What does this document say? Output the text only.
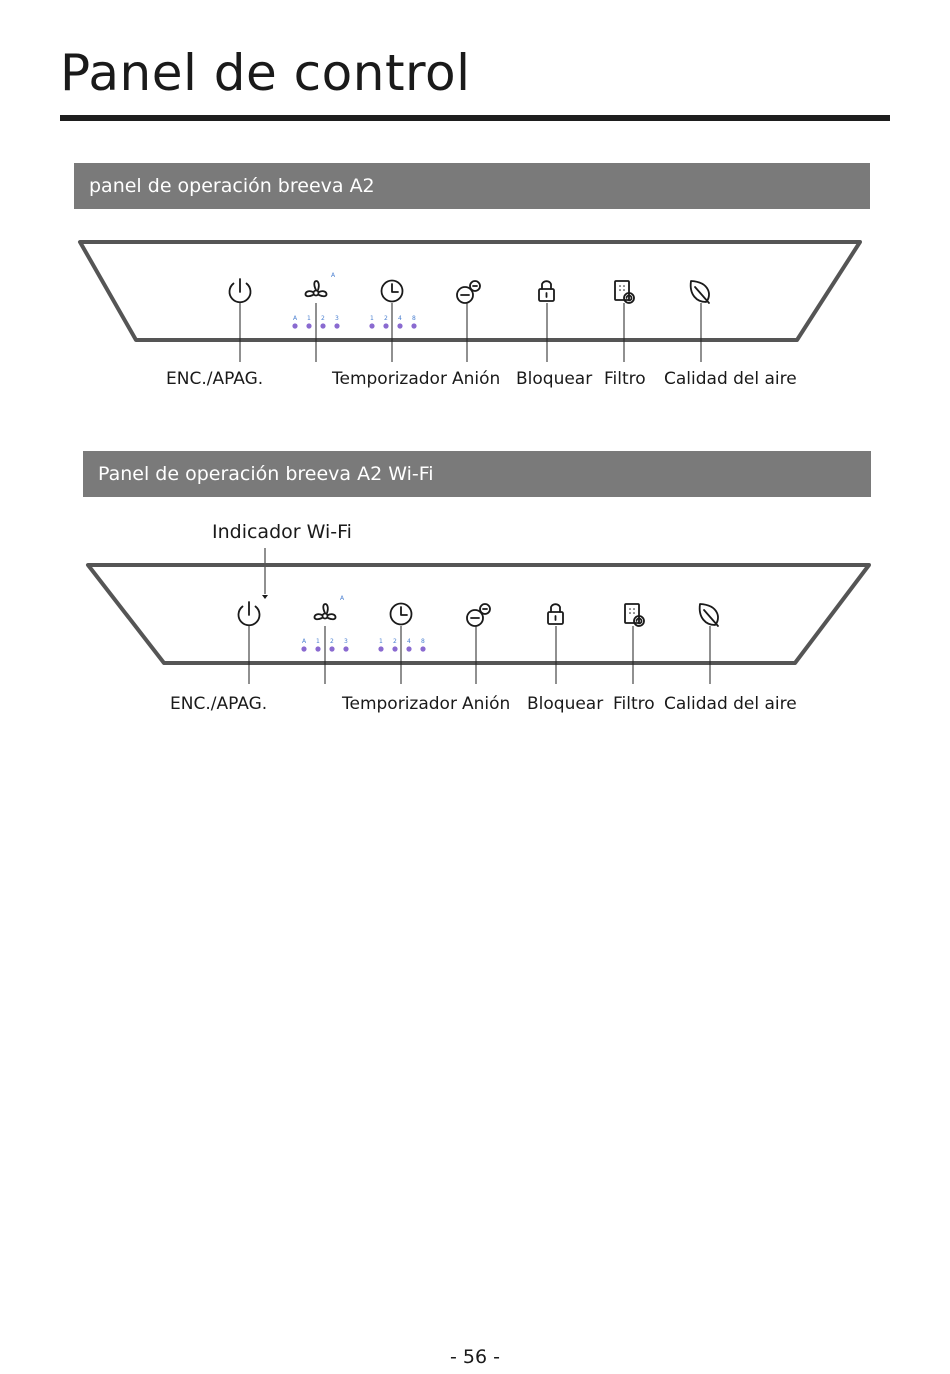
Panel de control
panel de operación breeva A2
A
A 1 2 3	1 2 4 8
ENC./APAG.	Temporizador Anión Bloquear Filtro Calidad del aire
Panel de operación breeva A2 Wi-Fi
Indicador Wi-Fi
A
A 1 2 3	1 2 4 8
ENC./APAG.	Temporizador Anión Bloquear Filtro Calidad del aire
- 56 -
